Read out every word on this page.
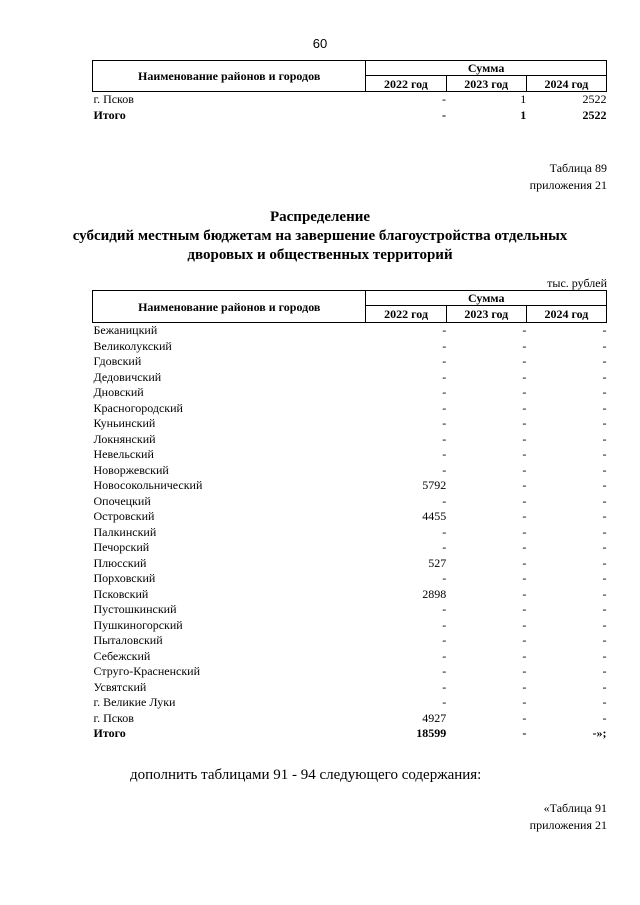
60
Наименование районов и городов	Сумма		
	2022 год	2023 год	2024 год
г. Псков	-	1	2522
Итого	-	1	2522
Таблица 89
приложения 21
Распределение
субсидий местным бюджетам на завершение благоустройства отдельных
дворовых и общественных территорий
тыс. рублей
Наименование районов и городов	Сумма		
	2022 год	2023 год	2024 год
Бежаницкий	-	-	-
Великолукский	-	-	-
Гдовский	-	-	-
Дедовичский	-	-	-
Дновский	-	-	-
Красногородский	-	-	-
Куньинский	-	-	-
Локнянский	-	-	-
Невельский	-	-	-
Новоржевский	-	-	-
Новосокольнический	5792	-	-
Опочецкий	-	-	-
Островский	4455	-	-
Палкинский	-	-	-
Печорский	-	-	-
Плюсский	527	-	-
Порховский	-	-	-
Псковский	2898	-	-
Пустошкинский	-	-	-
Пушкиногорский	-	-	-
Пыталовский	-	-	-
Себежский	-	-	-
Струго-Красненский	-	-	-
Усвятский	-	-	-
г. Великие Луки	-	-	-
г. Псков	4927	-	-
Итого	18599	-	-»;
дополнить таблицами 91 - 94 следующего содержания:
«Таблица 91
приложения 21
